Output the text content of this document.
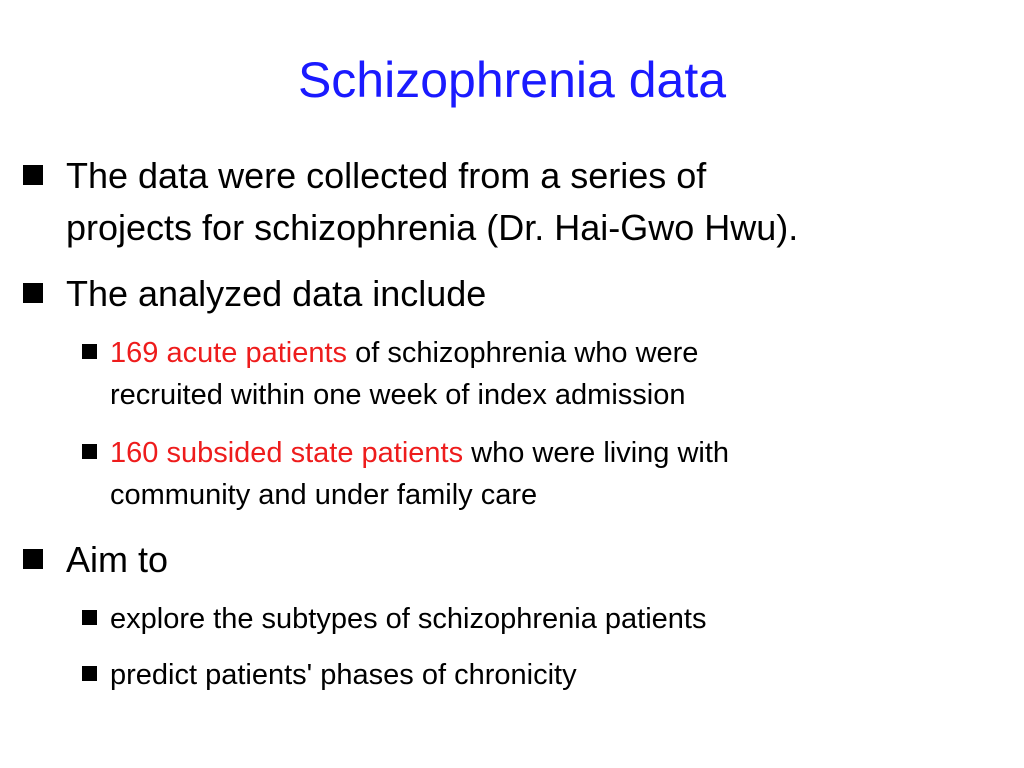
Schizophrenia data
The data were collected from a series of
projects for schizophrenia (Dr. Hai-Gwo Hwu).
The analyzed data include
169 acute patients of schizophrenia who were
recruited within one week of index admission
160 subsided state patients who were living with
community and under family care
Aim to
explore the subtypes of schizophrenia patients
predict patients' phases of chronicity
